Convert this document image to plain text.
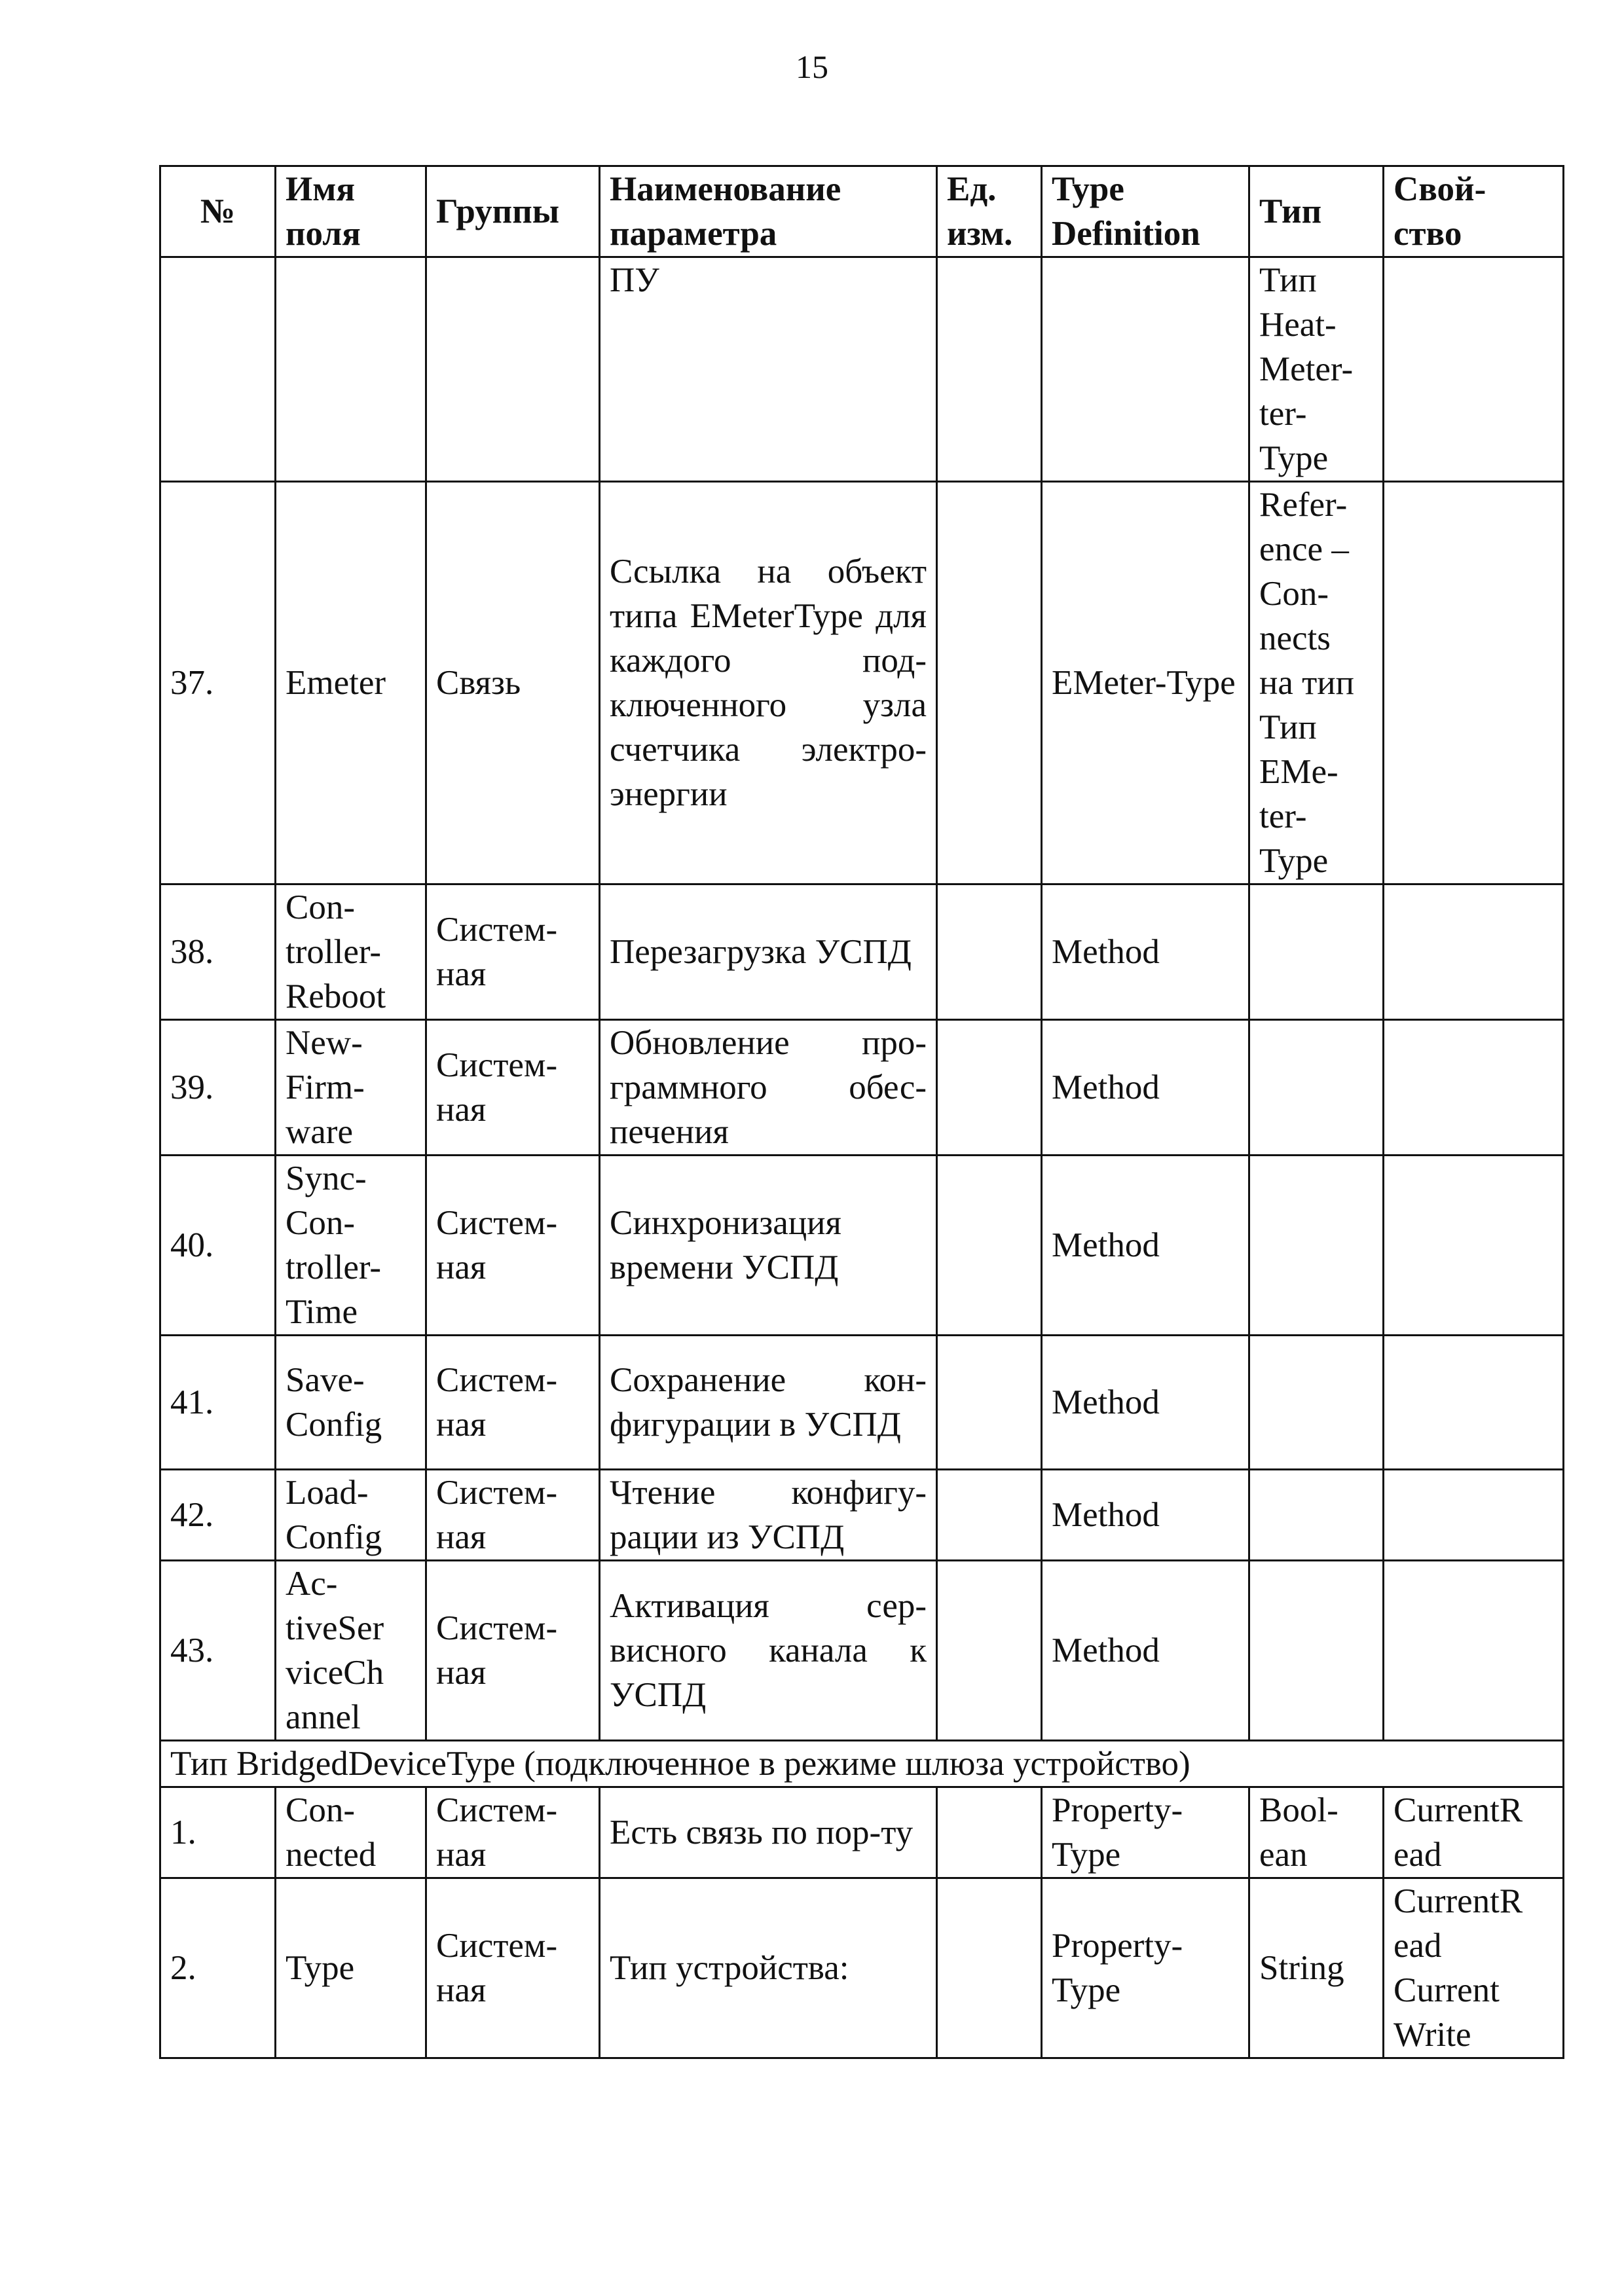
15
№	Имя поля	Группы	Наименование параметра	Ед. изм.	Type Definition	Тип	Свой-ство
			ПУ			Тип Heat-Meter-ter-Type	
37.	Emeter	Связь	Ссылка на объект типа EMeterType для каждого под-ключенного узла счетчика электро-энергии		EMeter-Type	Refer-ence – Con-nects на тип Тип EMe-ter-Type	
38.	Con-troller-Reboot	Систем-ная	Перезагрузка УСПД		Method		
39.	New-Firm-ware	Систем-ная	Обновление про-граммного обес-печения		Method		
40.	Sync-Con-troller-Time	Систем-ная	Синхронизация времени УСПД		Method		
41.	Save-Config	Систем-ная	Сохранение кон-фигурации в УСПД		Method		
42.	Load-Config	Систем-ная	Чтение конфигу-рации из УСПД		Method		
43.	Ac-tiveSer viceCh annel	Систем-ная	Активация сер-висного канала к УСПД		Method		
Тип BridgedDeviceType (подключенное в режиме шлюза устройство)							
1.	Con-nected	Систем-ная	Есть связь по пор-ту		Property-Type	Bool-ean	CurrentR ead
2.	Type	Систем-ная	Тип устройства:		Property-Type	String	CurrentR ead Current Write
